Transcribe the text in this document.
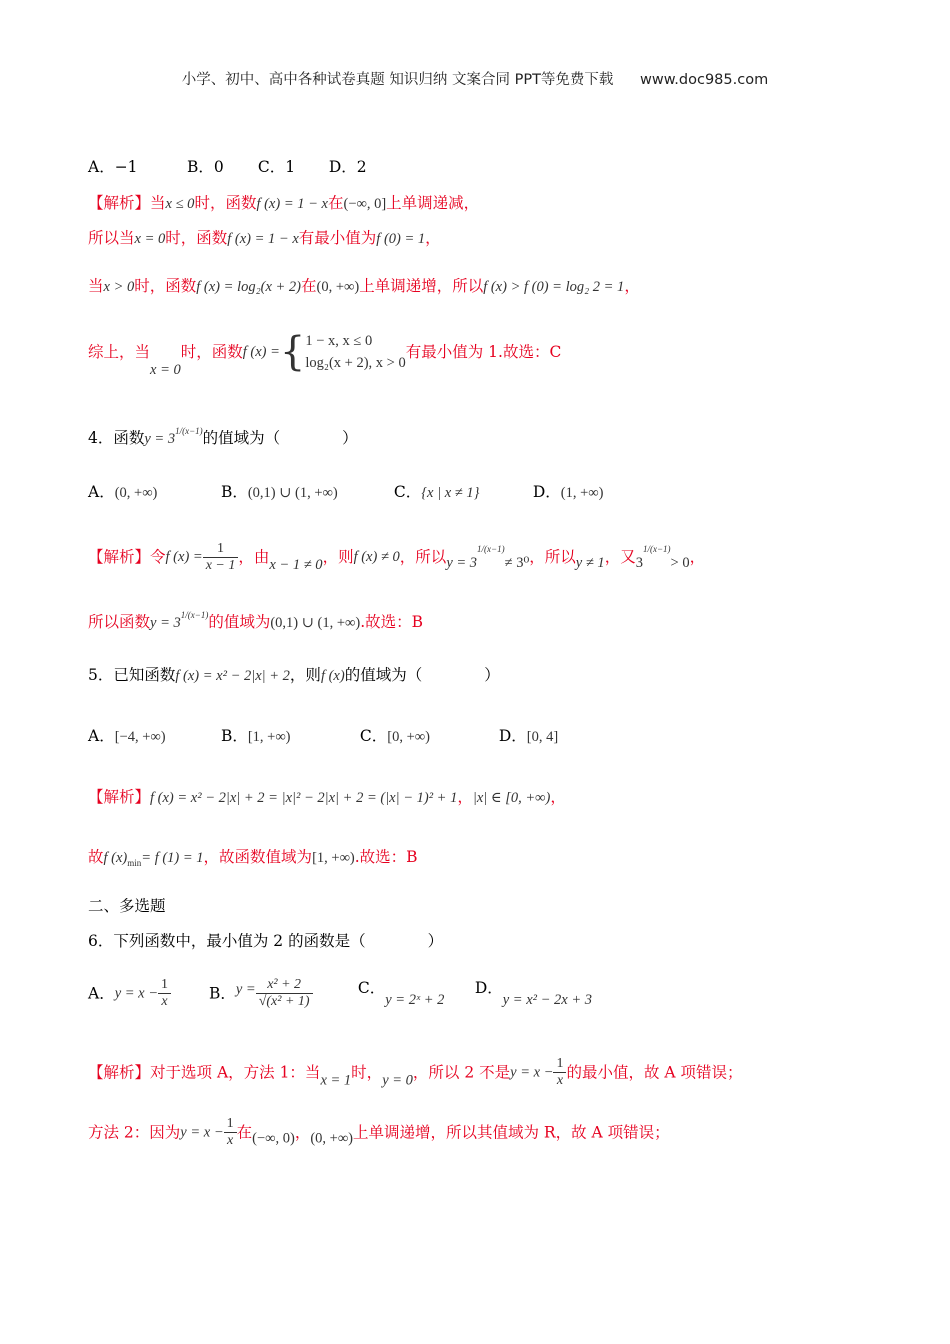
小学、初中、高中各种试卷真题 知识归纳 文案合同 PPT等免费下载 www.doc985.com
A．−1	B．0 C．1 D．2
【解析】当x ≤ 0时，函数f (x) = 1 − x在(−∞, 0]上单调递减，
所以当x = 0时，函数f (x) = 1 − x有最小值为f (0) = 1，
当x > 0时，函数f (x) = log₂(x + 2)在(0, +∞)上单调递增，所以f (x) > f (0) = log₂ 2 = 1，
综上，当x = 0时，函数f (x) ={ 1 − x, x ≤ 0
log₂(x + 2), x > 0
有最小值为 1.故选：C
4．函数$y = 3^{1/(x-1)}$的值域为（　　　　）
A．(0, +∞)	B．(0,1) ∪ (1, +∞)	C．{x | x ≠ 1}	D．(1, +∞)
【解析】令f $(x) = \frac{1}{x - 1}$ ，由x − 1 ≠ 0，则f (x) ≠ 0，所以$y = 3^{1/(x-1)}\ne 3^0$，所以y ≠ 1，又$3^{1/(x-1)}> 0$，
所以函数$y = 3^{1/(x-1)}$的值域为(0,1) ∪ (1, +∞).故选：B
5．已知函数f (x) = x² − 2|x| + 2，则f (x)的值域为（　　　　）
A．[−4, +∞)	B．[1, +∞)	C．[0, +∞)	D．[0, 4]
【解析】f (x) = x² − 2|x| + 2 = |x|² − 2|x| + 2 = (|x| − 1)² + 1，|x| ∈ [0, +∞)，
故f $(x)_{min}= f$ (1) = 1，故函数值域为[1, +∞).故选：B
二、多选题
6．下列函数中，最小值为 2 的函数是（　　　　）
A．$y = x - \frac{1}{x}$ B．$y = \frac{\text{x² + 2}}{\text{√(x² + 1)}}$	C．y = 2ˣ + 2 D．y = x² − 2x + 3
【解析】对于选项 A，方法 1：当x = 1时，y = 0，所以 2 不是$y = x - \frac{1}{x}$ 的最小值，故 A 项错误；
方法 2：因为$y = x - \frac{1}{x}$ 在(−∞, 0)，(0, +∞)上单调递增，所以其值域为 R，故 A 项错误；
